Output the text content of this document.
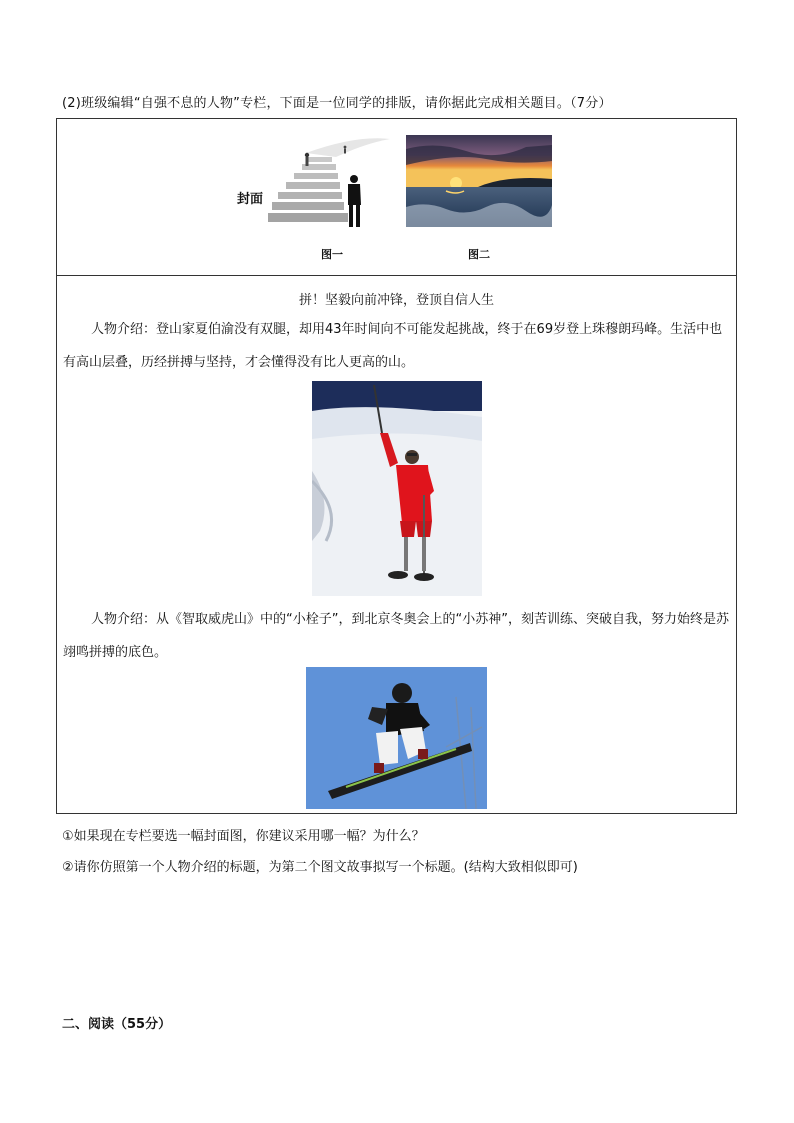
(2)班级编辑“自强不息的人物”专栏，下面是一位同学的排版，请你据此完成相关题目。（7分）
封面
图一	图二
拼！坚毅向前冲锋，登顶自信人生
人物介绍：登山家夏伯渝没有双腿，却用43年时间向不可能发起挑战，终于在69岁登上珠穆朗玛峰。生活中也有高山层叠，历经拼搏与坚持，才会懂得没有比人更高的山。
人物介绍：从《智取威虎山》中的“小栓子”，到北京冬奥会上的“小苏神”，刻苦训练、突破自我，努力始终是苏翊鸣拼搏的底色。
①如果现在专栏要选一幅封面图，你建议采用哪一幅？为什么？
②请你仿照第一个人物介绍的标题，为第二个图文故事拟写一个标题。(结构大致相似即可)
二、阅读（55分）
